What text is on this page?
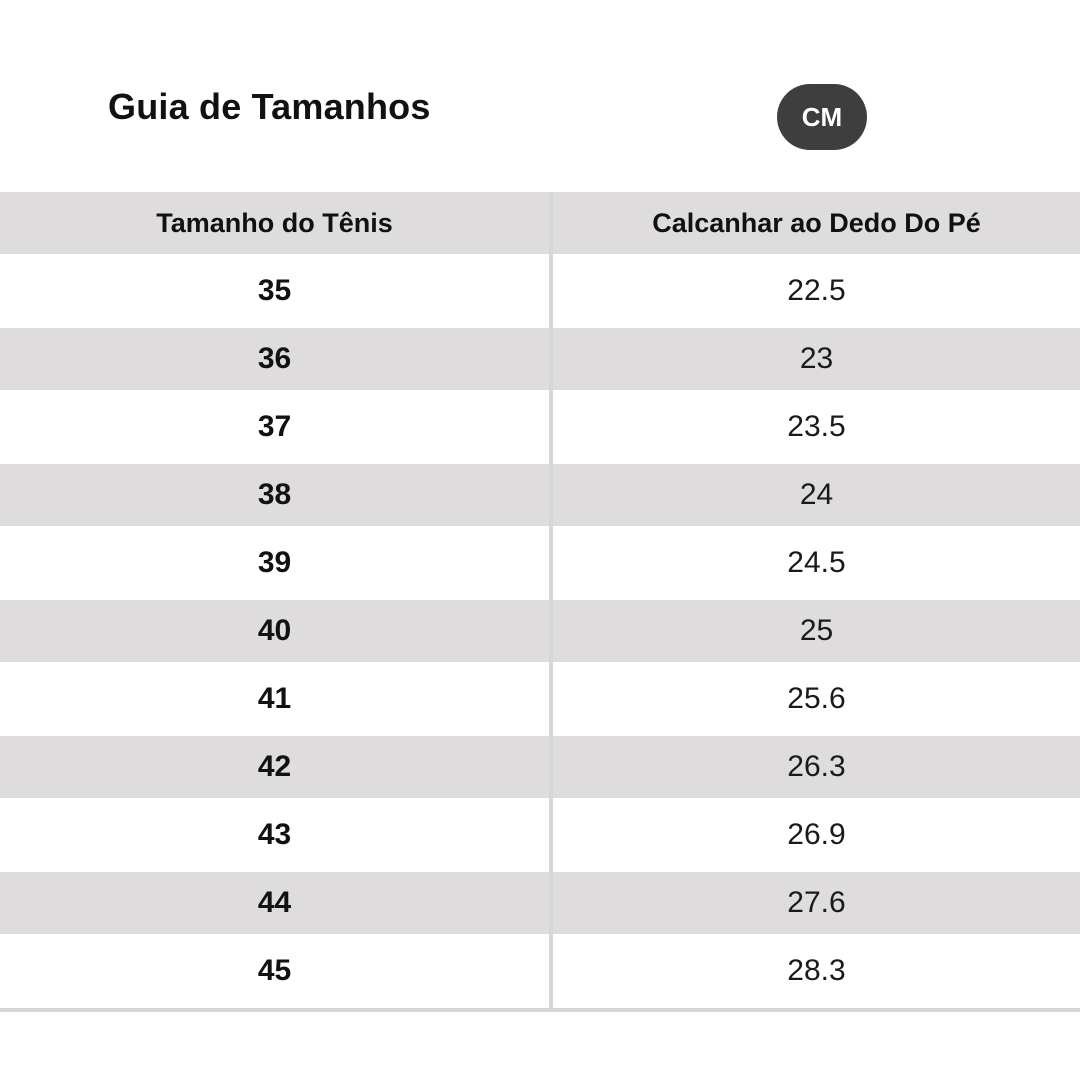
Guia de Tamanhos	CM
Tamanho do Tênis	Calcanhar ao Dedo Do Pé
35	22.5
36	23
37	23.5
38	24
39	24.5
40	25
41	25.6
42	26.3
43	26.9
44	27.6
45	28.3
